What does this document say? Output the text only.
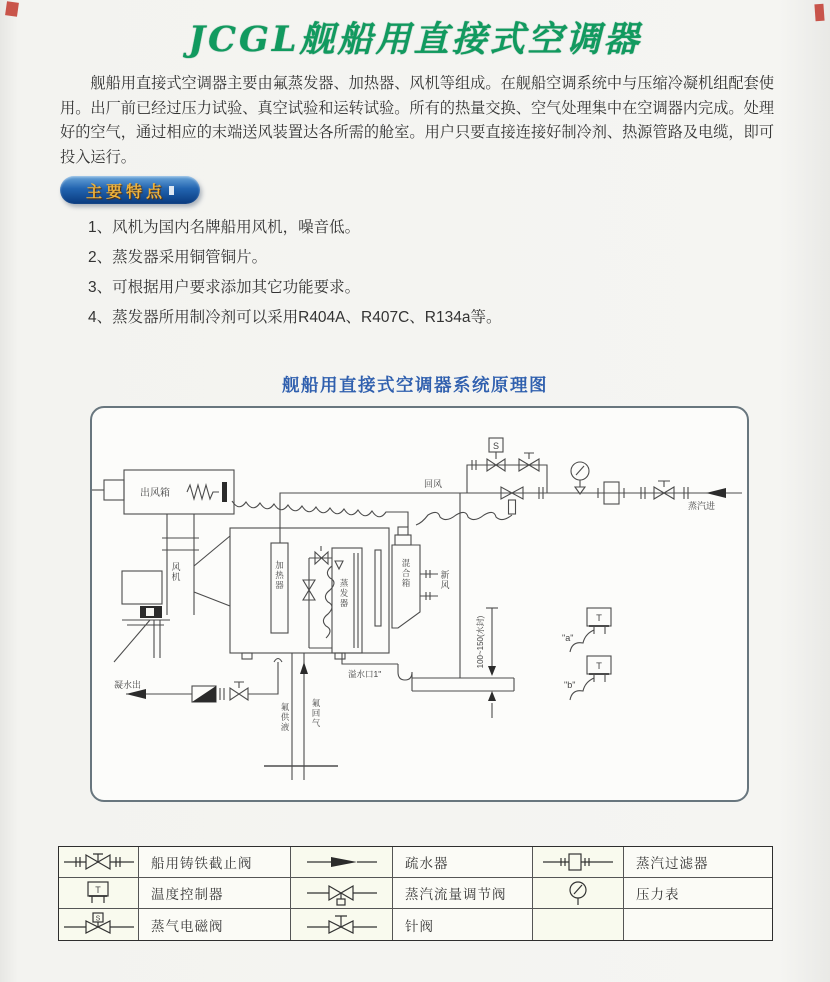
JCGL舰船用直接式空调器
舰船用直接式空调器主要由氟蒸发器、加热器、风机等组成。在舰船空调系统中与压缩冷凝机组配套使用。出厂前已经过压力试验、真空试验和运转试验。所有的热量交换、空气处理集中在空调器内完成。处理好的空气，通过相应的末端送风装置达各所需的舱室。用户只要直接连接好制冷剂、热源管路及电缆，即可投入运行。
主要特点
1、风机为国内名牌船用风机，噪音低。
2、蒸发器采用铜管铜片。
3、可根据用户要求添加其它功能要求。
4、蒸发器所用制冷剂可以采用R404A、R407C、R134a等。
舰船用直接式空调器系统原理图
出风箱
风机
加热器	蒸发器
混合箱
新风
回风
蒸汽进
S
T
"a"
T
"b"
凝水出
溢水口1"
100~150(水封)
氟供液
氟回气
船用铸铁截止阀	疏水器	蒸汽过滤器
T	温度控制器	蒸汽流量调节阀	压力表
S	蒸气电磁阀	针阀
